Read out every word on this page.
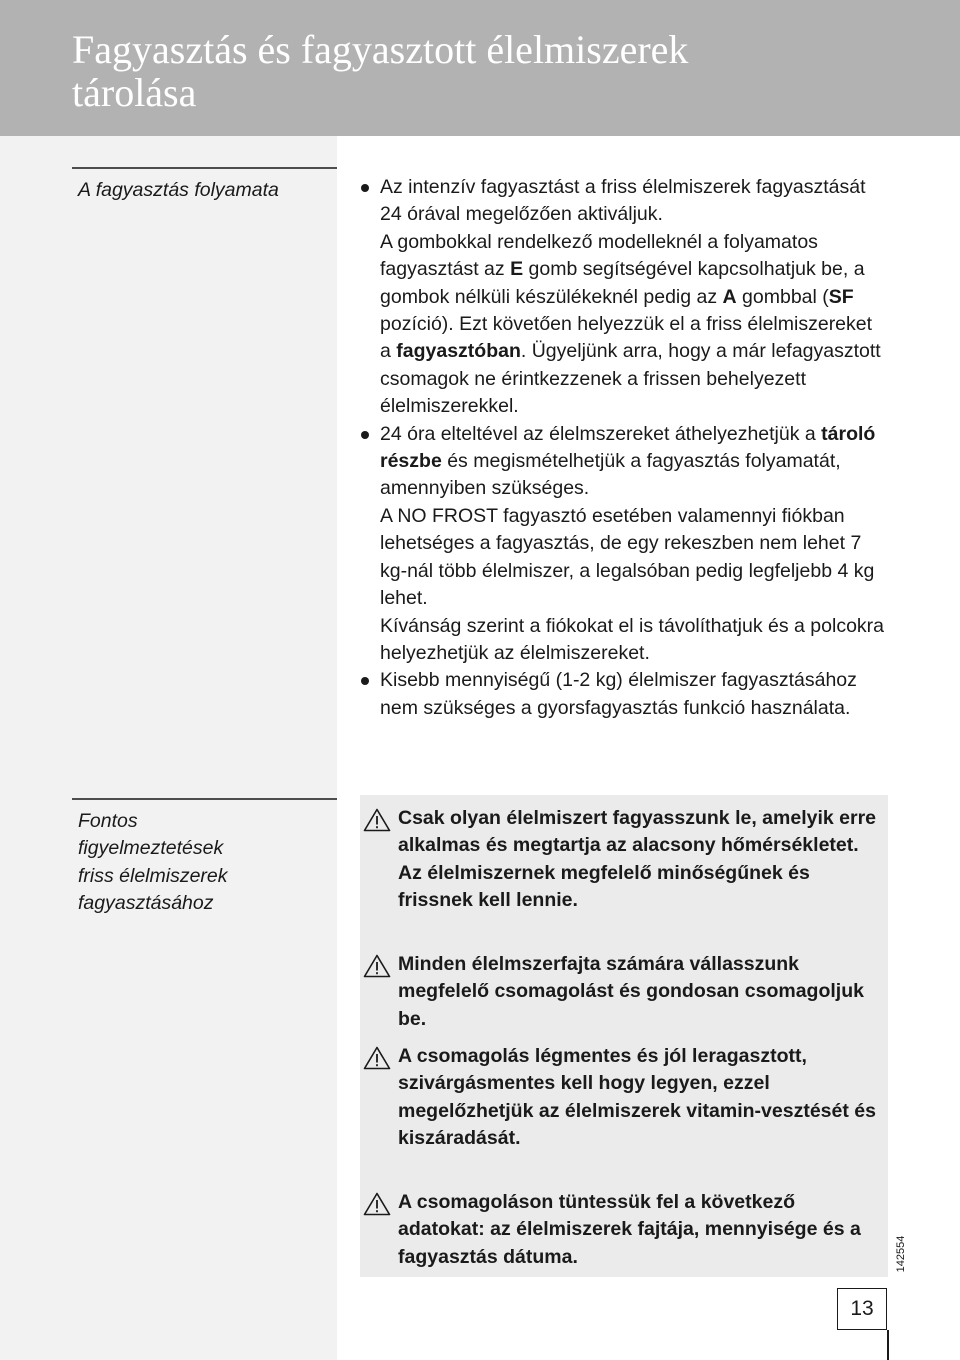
Fagyasztás és fagyasztott élelmiszerek
tárolása
A fagyasztás folyamata
Fontos
figyelmeztetések
friss élelmiszerek
fagyasztásához
Az intenzív fagyasztást a friss élelmiszerek fagyasztását 24 órával megelőzően aktiváljuk.
A gombokkal rendelkező modelleknél a folyamatos fagyasztást az E gomb segítségével kapcsolhatjuk be, a gombok nélküli készülékeknél pedig az A gombbal (SF pozíció). Ezt követően helyezzük el a friss élelmiszereket a fagyasztóban. Ügyeljünk arra, hogy a már lefagyasztott csomagok ne érintkezzenek a frissen behelyezett élelmiszerekkel.
24 óra elteltével az élelmszereket áthelyezhetjük a tároló részbe és megismételhetjük a fagyasztás folyamatát, amennyiben szükséges.
A NO FROST fagyasztó esetében valamennyi fiókban lehetséges a fagyasztás, de egy rekeszben nem lehet 7 kg-nál több élelmiszer, a legalsóban pedig legfeljebb 4 kg lehet.
Kívánság szerint a fiókokat el is távolíthatjuk és a polcokra helyezhetjük az élelmiszereket.
Kisebb mennyiségű (1-2 kg) élelmiszer fagyasztásához nem szükséges a gyorsfagyasztás funkció használata.
Csak olyan élelmiszert fagyasszunk le, amelyik erre alkalmas és megtartja az alacsony hőmérsékletet. Az élelmiszernek megfelelő minőségűnek és frissnek kell lennie.
Minden élelmszerfajta számára vállasszunk megfelelő csomagolást és gondosan csomagoljuk be.
A csomagolás légmentes és jól leragasztott, szivárgásmentes kell hogy legyen, ezzel megelőzhetjük az élelmiszerek vitamin-vesztését és kiszáradását.
A csomagoláson tüntessük fel a következő adatokat: az élelmiszerek fajtája, mennyisége és a fagyasztás dátuma.	142554
13
